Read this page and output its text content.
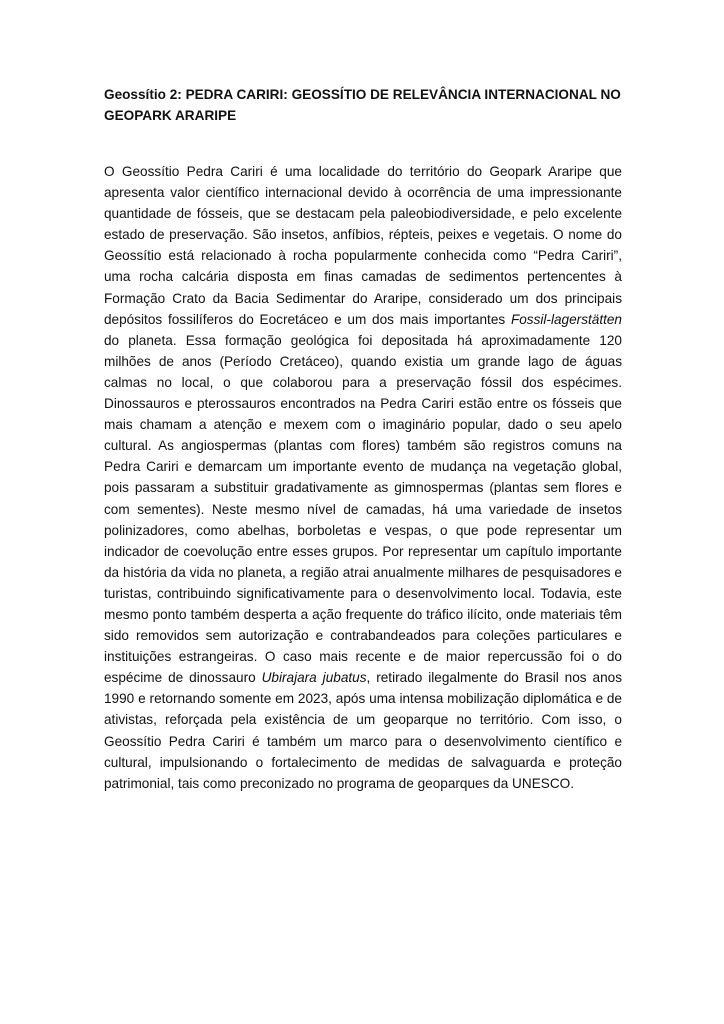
Geossítio 2: PEDRA CARIRI: GEOSSÍTIO DE RELEVÂNCIA INTERNACIONAL NO GEOPARK ARARIPE

O Geossítio Pedra Cariri é uma localidade do território do Geopark Araripe que apresenta valor científico internacional devido à ocorrência de uma impressionante quantidade de fósseis, que se destacam pela paleobiodiversidade, e pelo excelente estado de preservação. São insetos, anfíbios, répteis, peixes e vegetais. O nome do Geossítio está relacionado à rocha popularmente conhecida como “Pedra Cariri”, uma rocha calcária disposta em finas camadas de sedimentos pertencentes à Formação Crato da Bacia Sedimentar do Araripe, considerado um dos principais depósitos fossilíferos do Eocretáceo e um dos mais importantes Fossil-lagerstätten do planeta. Essa formação geológica foi depositada há aproximadamente 120 milhões de anos (Período Cretáceo), quando existia um grande lago de águas calmas no local, o que colaborou para a preservação fóssil dos espécimes. Dinossauros e pterossauros encontrados na Pedra Cariri estão entre os fósseis que mais chamam a atenção e mexem com o imaginário popular, dado o seu apelo cultural. As angiospermas (plantas com flores) também são registros comuns na Pedra Cariri e demarcam um importante evento de mudança na vegetação global, pois passaram a substituir gradativamente as gimnospermas (plantas sem flores e com sementes). Neste mesmo nível de camadas, há uma variedade de insetos polinizadores, como abelhas, borboletas e vespas, o que pode representar um indicador de coevolução entre esses grupos. Por representar um capítulo importante da história da vida no planeta, a região atrai anualmente milhares de pesquisadores e turistas, contribuindo significativamente para o desenvolvimento local. Todavia, este mesmo ponto também desperta a ação frequente do tráfico ilícito, onde materiais têm sido removidos sem autorização e contrabandeados para coleções particulares e instituições estrangeiras. O caso mais recente e de maior repercussão foi o do espécime de dinossauro Ubirajara jubatus, retirado ilegalmente do Brasil nos anos 1990 e retornando somente em 2023, após uma intensa mobilização diplomática e de ativistas, reforçada pela existência de um geoparque no território. Com isso, o Geossítio Pedra Cariri é também um marco para o desenvolvimento científico e cultural, impulsionando o fortalecimento de medidas de salvaguarda e proteção patrimonial, tais como preconizado no programa de geoparques da UNESCO.
